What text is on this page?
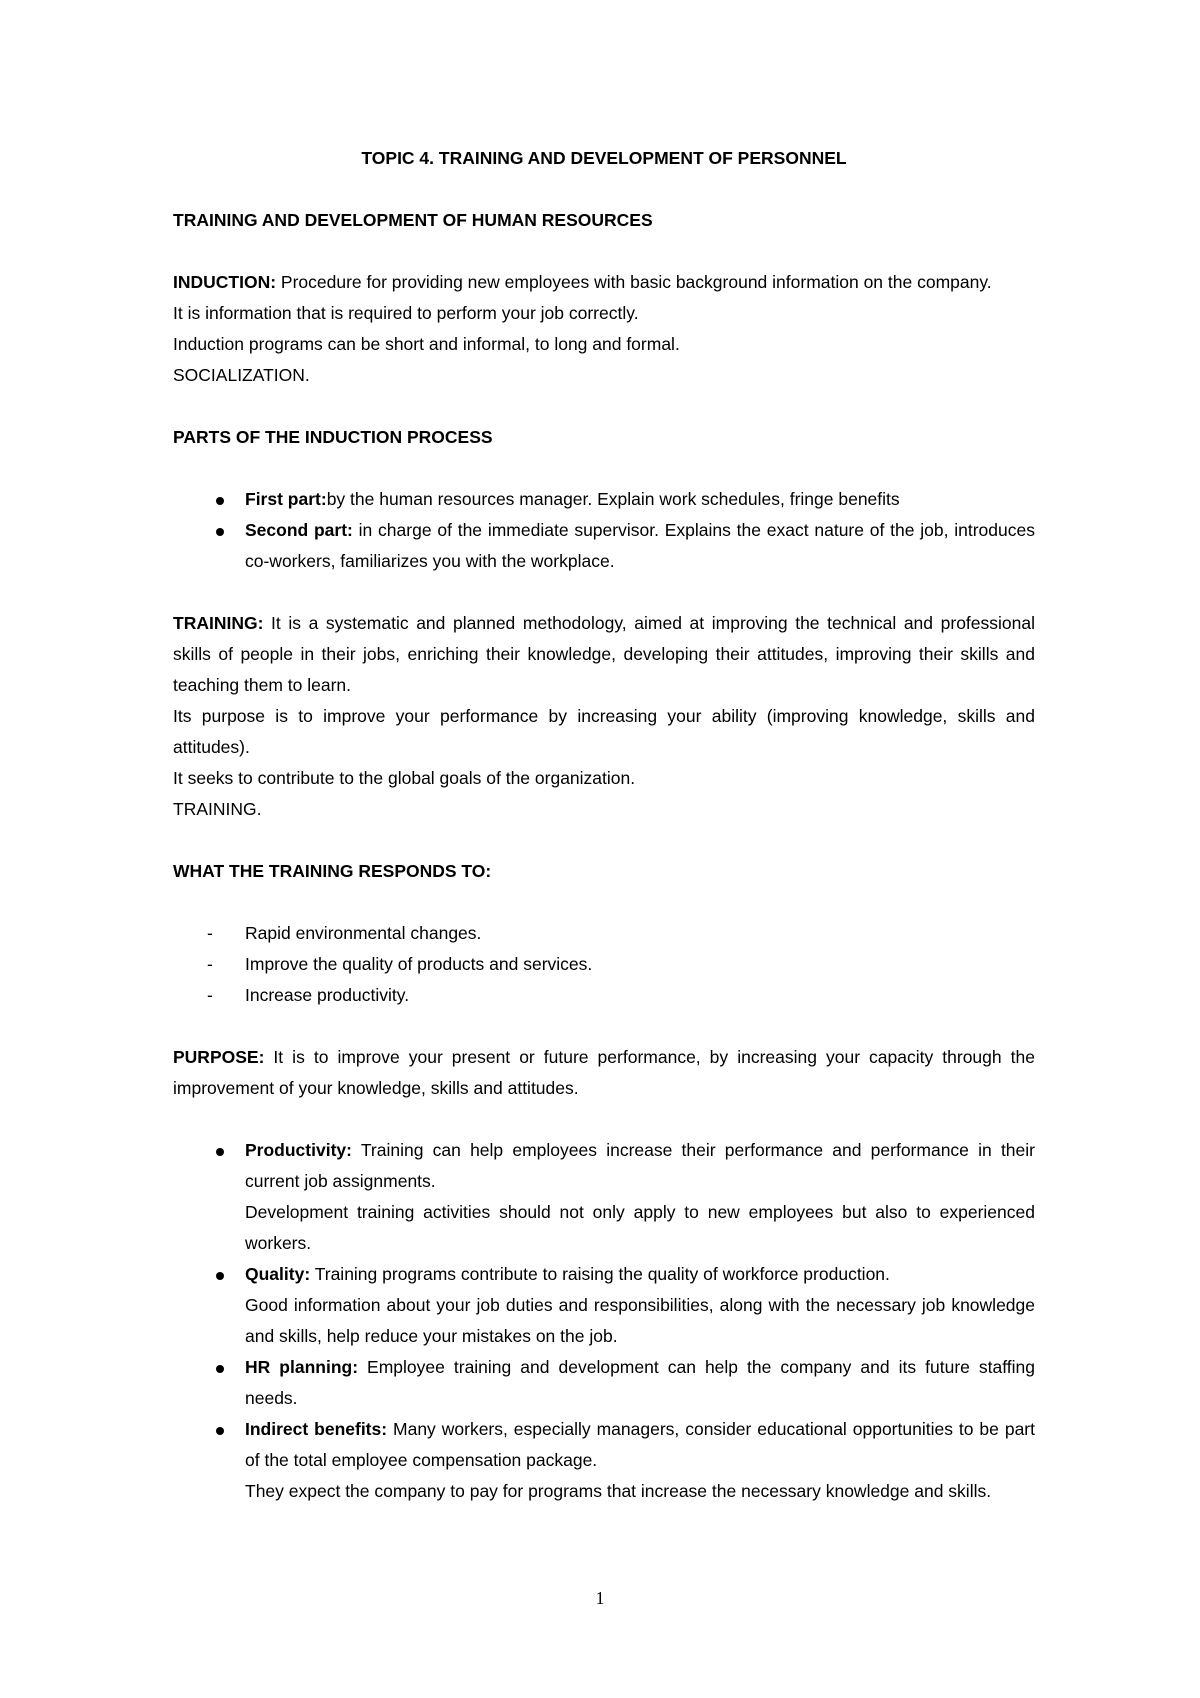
TOPIC 4. TRAINING AND DEVELOPMENT OF PERSONNEL

TRAINING AND DEVELOPMENT OF HUMAN RESOURCES

INDUCTION: Procedure for providing new employees with basic background information on the company.

It is information that is required to perform your job correctly.

Induction programs can be short and informal, to long and formal.

SOCIALIZATION.

PARTS OF THE INDUCTION PROCESS

First part:by the human resources manager. Explain work schedules, fringe benefits
Second part: in charge of the immediate supervisor. Explains the exact nature of the job, introduces co-workers, familiarizes you with the workplace.

TRAINING: It is a systematic and planned methodology, aimed at improving the technical and professional skills of people in their jobs, enriching their knowledge, developing their attitudes, improving their skills and teaching them to learn.

Its purpose is to improve your performance by increasing your ability (improving knowledge, skills and attitudes).

It seeks to contribute to the global goals of the organization.

TRAINING.

WHAT THE TRAINING RESPONDS TO:

- Rapid environmental changes.
- Improve the quality of products and services.
- Increase productivity.

PURPOSE: It is to improve your present or future performance, by increasing your capacity through the improvement of your knowledge, skills and attitudes.

Productivity: Training can help employees increase their performance and performance in their current job assignments.
Development training activities should not only apply to new employees but also to experienced workers.
Quality: Training programs contribute to raising the quality of workforce production.
Good information about your job duties and responsibilities, along with the necessary job knowledge and skills, help reduce your mistakes on the job.
HR planning: Employee training and development can help the company and its future staffing needs.
Indirect benefits: Many workers, especially managers, consider educational opportunities to be part of the total employee compensation package.
They expect the company to pay for programs that increase the necessary knowledge and skills.
1
